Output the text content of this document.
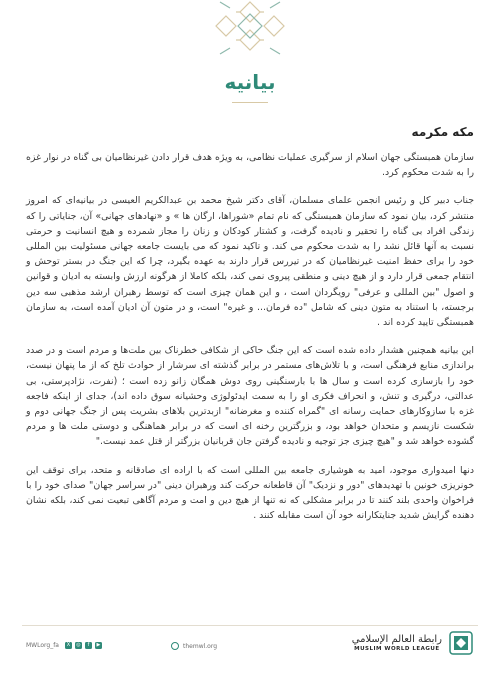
بيانيه
مکه مکرمه

سازمان همبستگی جهان اسلام از سرگیری عملیات نظامی، به ویژه هدف قرار دادن غیرنظامیان بی گناه در نوار غزه را به شدت محکوم کرد.

جناب دبیر کل و رئیس انجمن علمای مسلمان، آقای دکتر شیخ محمد بن عبدالکریم العیسی در بیانیه‌ای که امروز منتشر کرد، بیان نمود که سازمان همبستگی که نام تمام «شوراها، ارگان ها » و «نهادهای جهانی» آن، جنایاتی را که زندگی افراد بی گناه را تحقیر و نادیده گرفت، و کشتار کودکان و زنان را مجاز شمرده و هیچ انسانیت و حرمتی نسبت به آنها قائل نشد را به شدت محکوم می کند. و تاکید نمود که می بایست جامعه جهانی مسئولیت بین المللی خود را برای حفظ امنیت غیرنظامیان که در تیررس قرار دارند به عهده بگیرد، چرا که این جنگ در بستر توحش و انتقام جمعی قرار دارد و از هیچ دینی و منطقی پیروی نمی کند، بلکه کاملا از هرگونه ارزش وابسته به ادیان و قوانین و اصول "بین المللی و عرفی" رویگردان است ، و این همان چیزی است که توسط رهبران ارشد مذهبی سه دین برجسته، با استناد به متون دینی که شامل "ده فرمان... و غیره" است، و در متون آن ادیان آمده است، به سازمان همبستگی تایید کرده اند .

این بیانیه همچنین هشدار داده شده است که این جنگ حاکی از شکافی خطرناک بین ملت‌ها و مردم است و در صدد براندازی منابع فرهنگی است، و با تلاش‌های مستمر در برابر گذشته ای سرشار از حوادث تلخ که از ما پنهان نیست، خود را بازسازی کرده است و سال ها با بارسنگینی روی دوش همگان زانو زده است ؛ (نفرت، نژادپرستی، بی عدالتی، درگیری و تنش، و انحراف فکری او را به سمت ایدئولوژی وحشیانه سوق داده اند)، جدای از اینکه فاجعه غزه با سازوکارهای حمایت رسانه ای "گمراه کننده و مغرضانه" ازبدترین بلاهای بشریت پس از جنگ جهانی دوم و شکست نازیسم و متحدان خواهد بود، و بزرگترین رخنه ای است که در برابر هماهنگی و دوستی ملت ها و مردم گشوده خواهد شد و "هیچ چیزی جز توجیه و نادیده گرفتن جان قربانیان بزرگتر از قتل عمد نیست."

دنها امیدواری موجود، امید به هوشیاری جامعه بین المللی است که با اراده ای صادقانه و متحد، برای توقف این خونریزی خونین با تهدیدهای "دور و نزدیک" آن قاطعانه حرکت کند ورهبران دینی "در سراسر جهان" صدای خود را با فراخوان واحدی بلند کنند تا در برابر مشکلی که نه تنها از هیچ دین و امت و مردم آگاهی تبعیت نمی کند، بلکه نشان دهنده گرایش شدید جنایتکارانه خود آن است مقابله کنند .

MWLorg_fa	X	◎	f	▶	themwl.org
رابطة العالم الإسلامي
MUSLIM WORLD LEAGUE
